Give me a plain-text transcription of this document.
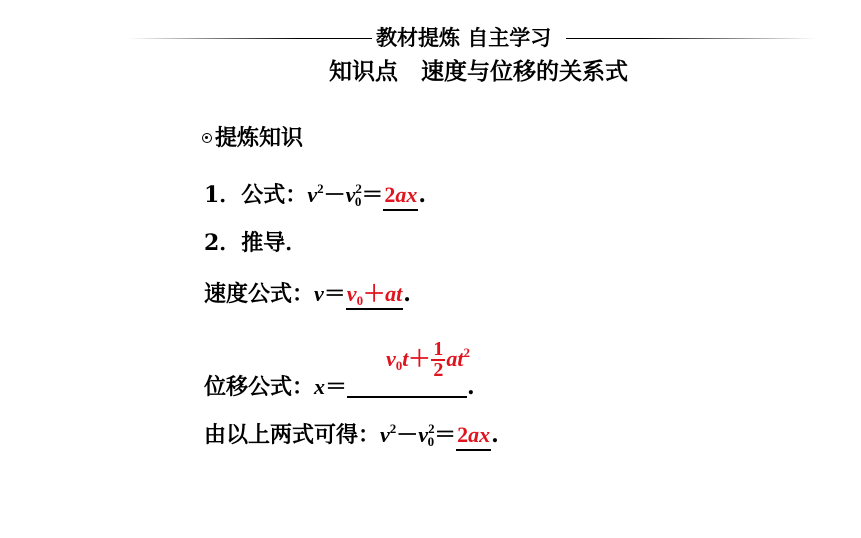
教材提炼 自主学习
知识点　速度与位移的关系式
提炼知识
1．公式：$v^2-v^2_0=2ax$.
2．推导．
速度公式：$v=v_0+at$.
位移公式：x＝	.
$v_0t+ \frac{1}{2} at^2$
由以上两式可得：$v^2-v^2_0=2ax$.
